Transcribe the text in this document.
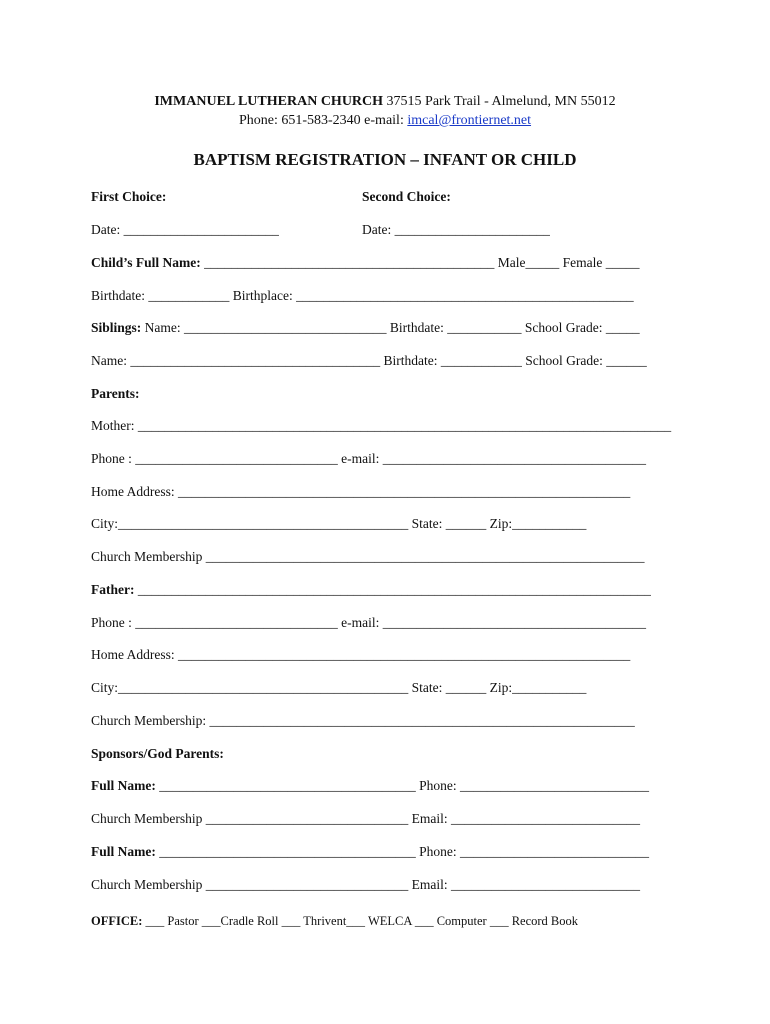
IMMANUEL LUTHERAN CHURCH 37515 Park Trail - Almelund, MN 55012
Phone: 651-583-2340 e-mail: imcal@frontiernet.net
BAPTISM REGISTRATION – INFANT OR CHILD
First Choice:	Second Choice:
Date: _______________________	Date: _______________________
Child’s Full Name: ___________________________________________ Male_____ Female _____
Birthdate: ____________ Birthplace: __________________________________________________
Siblings: Name: ______________________________ Birthdate: ___________ School Grade: _____
Name: _____________________________________ Birthdate: ____________ School Grade: ______
Parents:
Mother: _______________________________________________________________________________
Phone : ______________________________ e-mail: _______________________________________
Home Address: ___________________________________________________________________
City:___________________________________________ State: ______ Zip:___________
Church Membership _________________________________________________________________
Father: ____________________________________________________________________________
Phone : ______________________________ e-mail: _______________________________________
Home Address: ___________________________________________________________________
City:___________________________________________ State: ______ Zip:___________
Church Membership: _______________________________________________________________
Sponsors/God Parents:
Full Name: ______________________________________ Phone: ____________________________
Church Membership ______________________________ Email: ____________________________
Full Name: ______________________________________ Phone: ____________________________
Church Membership ______________________________ Email: ____________________________
OFFICE: ___ Pastor ___Cradle Roll ___ Thrivent___ WELCA ___ Computer ___ Record Book
